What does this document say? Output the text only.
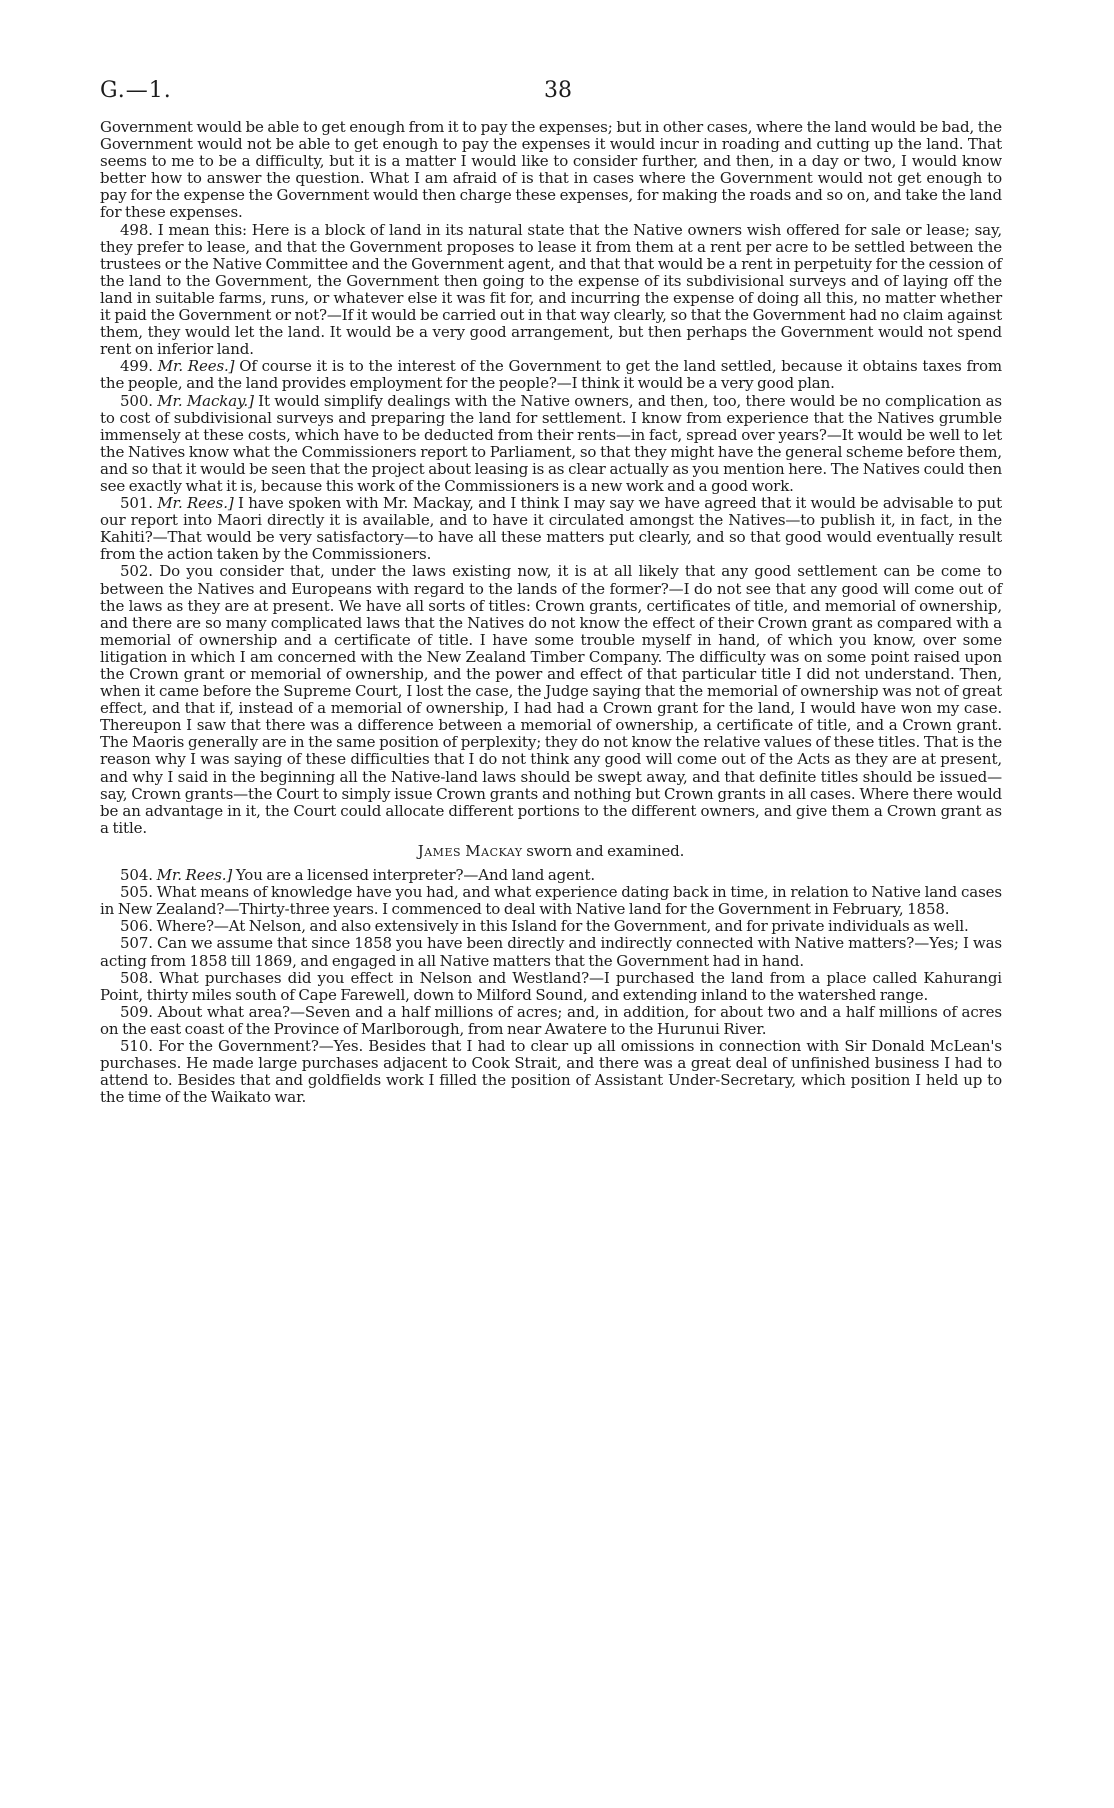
G.—1.	38

Government would be able to get enough from it to pay the expenses; but in other cases, where the land would be bad, the Government would not be able to get enough to pay the expenses it would incur in roading and cutting up the land. That seems to me to be a difficulty, but it is a matter I would like to consider further, and then, in a day or two, I would know better how to answer the question. What I am afraid of is that in cases where the Government would not get enough to pay for the expense the Government would then charge these expenses, for making the roads and so on, and take the land for these expenses.

498. I mean this: Here is a block of land in its natural state that the Native owners wish offered for sale or lease; say, they prefer to lease, and that the Government proposes to lease it from them at a rent per acre to be settled between the trustees or the Native Committee and the Government agent, and that that would be a rent in perpetuity for the cession of the land to the Government, the Government then going to the expense of its subdivisional surveys and of laying off the land in suitable farms, runs, or whatever else it was fit for, and incurring the expense of doing all this, no matter whether it paid the Government or not?—If it would be carried out in that way clearly, so that the Government had no claim against them, they would let the land. It would be a very good arrangement, but then perhaps the Government would not spend rent on inferior land.

499. Mr. Rees.] Of course it is to the interest of the Government to get the land settled, because it obtains taxes from the people, and the land provides employment for the people?—I think it would be a very good plan.

500. Mr. Mackay.] It would simplify dealings with the Native owners, and then, too, there would be no complication as to cost of subdivisional surveys and preparing the land for settlement. I know from experience that the Natives grumble immensely at these costs, which have to be deducted from their rents—in fact, spread over years?—It would be well to let the Natives know what the Commissioners report to Parliament, so that they might have the general scheme before them, and so that it would be seen that the project about leasing is as clear actually as you mention here. The Natives could then see exactly what it is, because this work of the Commissioners is a new work and a good work.

501. Mr. Rees.] I have spoken with Mr. Mackay, and I think I may say we have agreed that it would be advisable to put our report into Maori directly it is available, and to have it circulated amongst the Natives—to publish it, in fact, in the Kahiti?—That would be very satisfactory—to have all these matters put clearly, and so that good would eventually result from the action taken by the Commissioners.

502. Do you consider that, under the laws existing now, it is at all likely that any good settlement can be come to between the Natives and Europeans with regard to the lands of the former?—I do not see that any good will come out of the laws as they are at present. We have all sorts of titles: Crown grants, certificates of title, and memorial of ownership, and there are so many complicated laws that the Natives do not know the effect of their Crown grant as compared with a memorial of ownership and a certificate of title. I have some trouble myself in hand, of which you know, over some litigation in which I am concerned with the New Zealand Timber Company. The difficulty was on some point raised upon the Crown grant or memorial of ownership, and the power and effect of that particular title I did not understand. Then, when it came before the Supreme Court, I lost the case, the Judge saying that the memorial of ownership was not of great effect, and that if, instead of a memorial of ownership, I had had a Crown grant for the land, I would have won my case. Thereupon I saw that there was a difference between a memorial of ownership, a certificate of title, and a Crown grant. The Maoris generally are in the same position of perplexity; they do not know the relative values of these titles. That is the reason why I was saying of these difficulties that I do not think any good will come out of the Acts as they are at present, and why I said in the beginning all the Native-land laws should be swept away, and that definite titles should be issued—say, Crown grants—the Court to simply issue Crown grants and nothing but Crown grants in all cases. Where there would be an advantage in it, the Court could allocate different portions to the different owners, and give them a Crown grant as a title.

James Mackay sworn and examined.

504. Mr. Rees.] You are a licensed interpreter?—And land agent.

505. What means of knowledge have you had, and what experience dating back in time, in relation to Native land cases in New Zealand?—Thirty-three years. I commenced to deal with Native land for the Government in February, 1858.

506. Where?—At Nelson, and also extensively in this Island for the Government, and for private individuals as well.

507. Can we assume that since 1858 you have been directly and indirectly connected with Native matters?—Yes; I was acting from 1858 till 1869, and engaged in all Native matters that the Government had in hand.

508. What purchases did you effect in Nelson and Westland?—I purchased the land from a place called Kahurangi Point, thirty miles south of Cape Farewell, down to Milford Sound, and extending inland to the watershed range.

509. About what area?—Seven and a half millions of acres; and, in addition, for about two and a half millions of acres on the east coast of the Province of Marlborough, from near Awatere to the Hurunui River.

510. For the Government?—Yes. Besides that I had to clear up all omissions in connection with Sir Donald McLean's purchases. He made large purchases adjacent to Cook Strait, and there was a great deal of unfinished business I had to attend to. Besides that and goldfields work I filled the position of Assistant Under-Secretary, which position I held up to the time of the Waikato war.
